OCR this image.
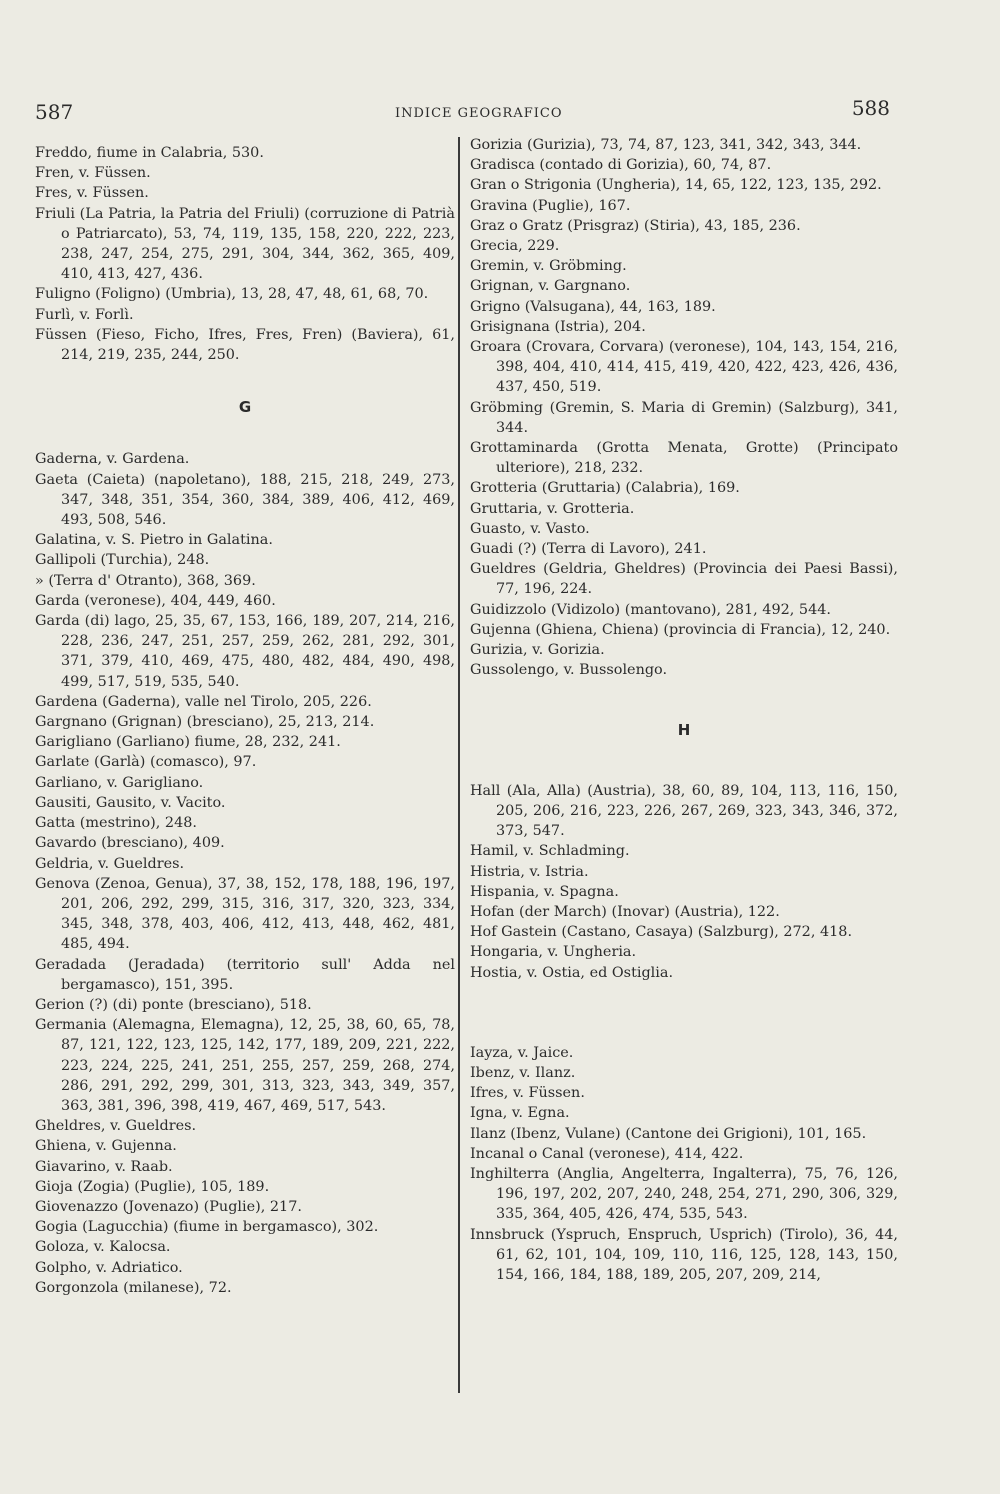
587	INDICE GEOGRAFICO	588
Freddo, fiume in Calabria, 530.
Fren, v. Füssen.
Fres, v. Füssen.
Friuli (La Patria, la Patria del Friuli) (corruzione di Patrià o Patriarcato), 53, 74, 119, 135, 158, 220, 222, 223, 238, 247, 254, 275, 291, 304, 344, 362, 365, 409, 410, 413, 427, 436.
Fuligno (Foligno) (Umbria), 13, 28, 47, 48, 61, 68, 70.
Furlì, v. Forlì.
Füssen (Fieso, Ficho, Ifres, Fres, Fren) (Baviera), 61, 214, 219, 235, 244, 250.
G
Gaderna, v. Gardena.
Gaeta (Caieta) (napoletano), 188, 215, 218, 249, 273, 347, 348, 351, 354, 360, 384, 389, 406, 412, 469, 493, 508, 546.
Galatina, v. S. Pietro in Galatina.
Gallipoli (Turchia), 248.
» (Terra d' Otranto), 368, 369.
Garda (veronese), 404, 449, 460.
Garda (di) lago, 25, 35, 67, 153, 166, 189, 207, 214, 216, 228, 236, 247, 251, 257, 259, 262, 281, 292, 301, 371, 379, 410, 469, 475, 480, 482, 484, 490, 498, 499, 517, 519, 535, 540.
Gardena (Gaderna), valle nel Tirolo, 205, 226.
Gargnano (Grignan) (bresciano), 25, 213, 214.
Garigliano (Garliano) fiume, 28, 232, 241.
Garlate (Garlà) (comasco), 97.
Garliano, v. Garigliano.
Gausiti, Gausito, v. Vacito.
Gatta (mestrino), 248.
Gavardo (bresciano), 409.
Geldria, v. Gueldres.
Genova (Zenoa, Genua), 37, 38, 152, 178, 188, 196, 197, 201, 206, 292, 299, 315, 316, 317, 320, 323, 334, 345, 348, 378, 403, 406, 412, 413, 448, 462, 481, 485, 494.
Geradada (Jeradada) (territorio sull' Adda nel bergamasco), 151, 395.
Gerion (?) (di) ponte (bresciano), 518.
Germania (Alemagna, Elemagna), 12, 25, 38, 60, 65, 78, 87, 121, 122, 123, 125, 142, 177, 189, 209, 221, 222, 223, 224, 225, 241, 251, 255, 257, 259, 268, 274, 286, 291, 292, 299, 301, 313, 323, 343, 349, 357, 363, 381, 396, 398, 419, 467, 469, 517, 543.
Gheldres, v. Gueldres.
Ghiena, v. Gujenna.
Giavarino, v. Raab.
Gioja (Zogia) (Puglie), 105, 189.
Giovenazzo (Jovenazo) (Puglie), 217.
Gogia (Lagucchia) (fiume in bergamasco), 302.
Goloza, v. Kalocsa.
Golpho, v. Adriatico.
Gorgonzola (milanese), 72.
Gorizia (Gurizia), 73, 74, 87, 123, 341, 342, 343, 344.
Gradisca (contado di Gorizia), 60, 74, 87.
Gran o Strigonia (Ungheria), 14, 65, 122, 123, 135, 292.
Gravina (Puglie), 167.
Graz o Gratz (Prisgraz) (Stiria), 43, 185, 236.
Grecia, 229.
Gremin, v. Gröbming.
Grignan, v. Gargnano.
Grigno (Valsugana), 44, 163, 189.
Grisignana (Istria), 204.
Groara (Crovara, Corvara) (veronese), 104, 143, 154, 216, 398, 404, 410, 414, 415, 419, 420, 422, 423, 426, 436, 437, 450, 519.
Gröbming (Gremin, S. Maria di Gremin) (Salzburg), 341, 344.
Grottaminarda (Grotta Menata, Grotte) (Principato ulteriore), 218, 232.
Grotteria (Gruttaria) (Calabria), 169.
Gruttaria, v. Grotteria.
Guasto, v. Vasto.
Guadi (?) (Terra di Lavoro), 241.
Gueldres (Geldria, Gheldres) (Provincia dei Paesi Bassi), 77, 196, 224.
Guidizzolo (Vidizolo) (mantovano), 281, 492, 544.
Gujenna (Ghiena, Chiena) (provincia di Francia), 12, 240.
Gurizia, v. Gorizia.
Gussolengo, v. Bussolengo.
H
Hall (Ala, Alla) (Austria), 38, 60, 89, 104, 113, 116, 150, 205, 206, 216, 223, 226, 267, 269, 323, 343, 346, 372, 373, 547.
Hamil, v. Schladming.
Histria, v. Istria.
Hispania, v. Spagna.
Hofan (der March) (Inovar) (Austria), 122.
Hof Gastein (Castano, Casaya) (Salzburg), 272, 418.
Hongaria, v. Ungheria.
Hostia, v. Ostia, ed Ostiglia.
Iayza, v. Jaice.
Ibenz, v. Ilanz.
Ifres, v. Füssen.
Igna, v. Egna.
Ilanz (Ibenz, Vulane) (Cantone dei Grigioni), 101, 165.
Incanal o Canal (veronese), 414, 422.
Inghilterra (Anglia, Angelterra, Ingalterra), 75, 76, 126, 196, 197, 202, 207, 240, 248, 254, 271, 290, 306, 329, 335, 364, 405, 426, 474, 535, 543.
Innsbruck (Yspruch, Enspruch, Usprich) (Tirolo), 36, 44, 61, 62, 101, 104, 109, 110, 116, 125, 128, 143, 150, 154, 166, 184, 188, 189, 205, 207, 209, 214,
